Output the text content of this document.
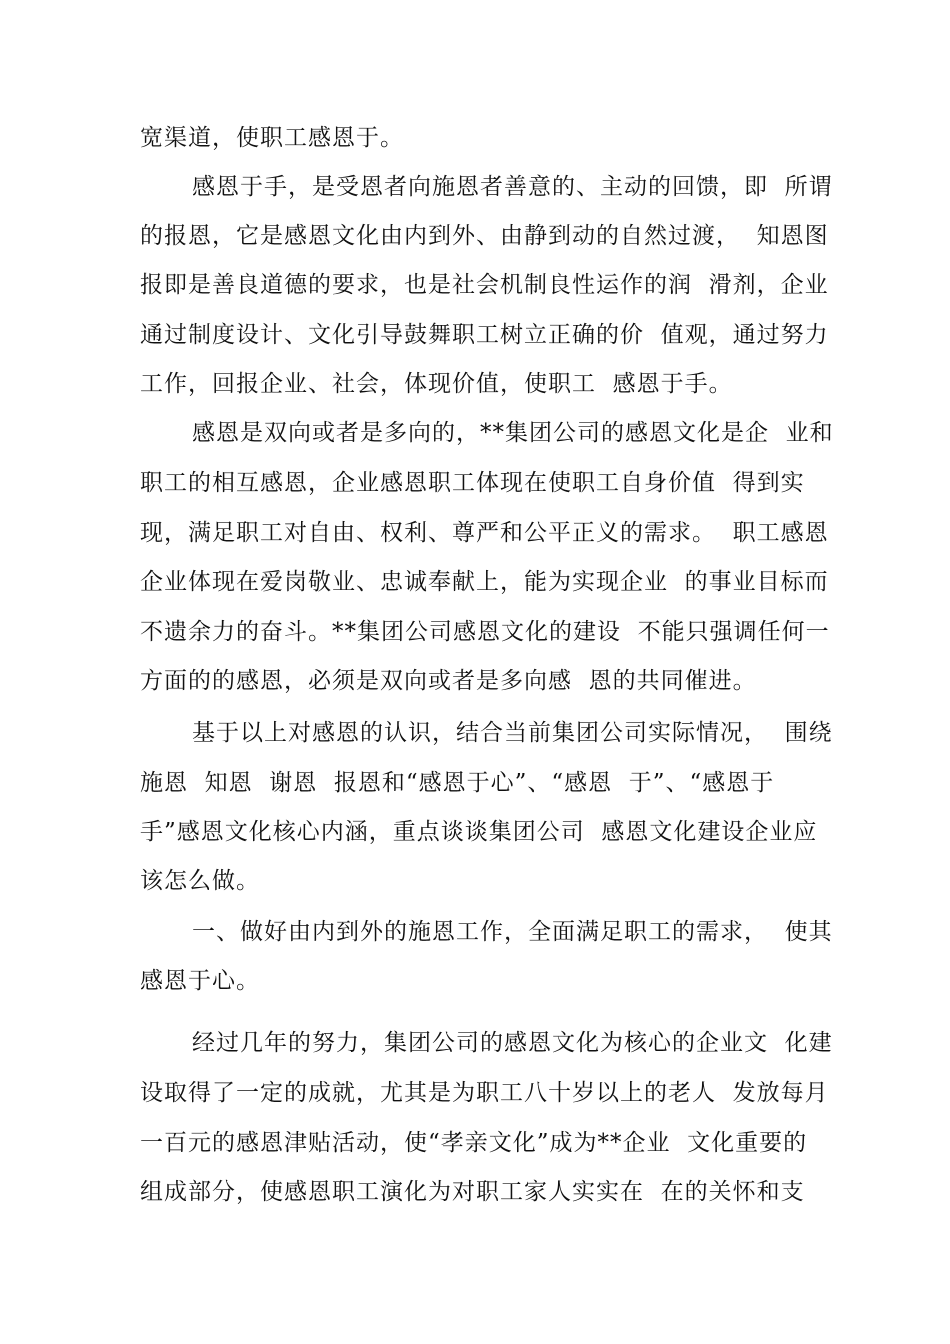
宽渠道，使职工感恩于。
感恩于手，是受恩者向施恩者善意的、主动的回馈，即  所谓
的报恩，它是感恩文化由内到外、由静到动的自然过渡，  知恩图
报即是善良道德的要求，也是社会机制良性运作的润  滑剂，企业
通过制度设计、文化引导鼓舞职工树立正确的价  值观，通过努力
工作，回报企业、社会，体现价值，使职工  感恩于手。
感恩是双向或者是多向的，**集团公司的感恩文化是企  业和
职工的相互感恩，企业感恩职工体现在使职工自身价值  得到实
现，满足职工对自由、权利、尊严和公平正义的需求。  职工感恩
企业体现在爱岗敬业、忠诚奉献上，能为实现企业  的事业目标而
不遗余力的奋斗。**集团公司感恩文化的建设  不能只强调任何一
方面的的感恩，必须是双向或者是多向感  恩的共同催进。
基于以上对感恩的认识，结合当前集团公司实际情况，  围绕
施恩  知恩  谢恩  报恩和“感恩于心”、“感恩  于”、“感恩于
手”感恩文化核心内涵，重点谈谈集团公司  感恩文化建设企业应
该怎么做。
一、做好由内到外的施恩工作，全面满足职工的需求，  使其
感恩于心。
经过几年的努力，集团公司的感恩文化为核心的企业文  化建
设取得了一定的成就，尤其是为职工八十岁以上的老人  发放每月
一百元的感恩津贴活动，使“孝亲文化”成为**企业  文化重要的
组成部分，使感恩职工演化为对职工家人实实在  在的关怀和支
